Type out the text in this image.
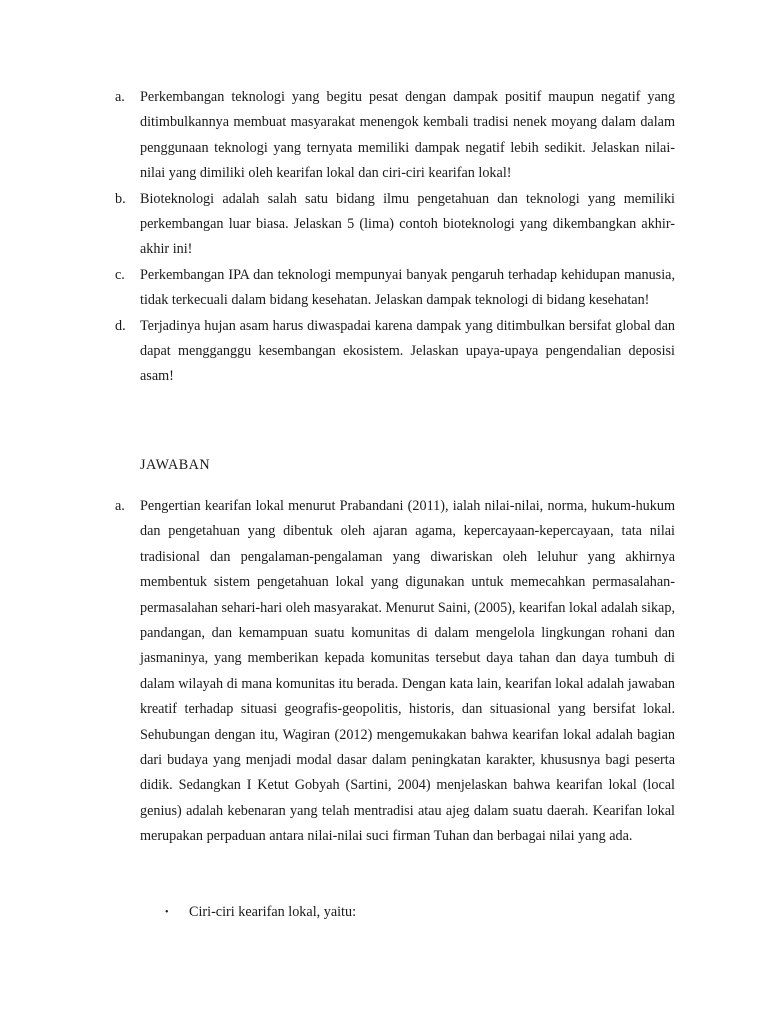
a.	Perkembangan teknologi yang begitu pesat dengan dampak positif maupun negatif yang ditimbulkannya membuat masyarakat menengok kembali tradisi nenek moyang dalam dalam penggunaan teknologi yang ternyata memiliki dampak negatif lebih sedikit. Jelaskan nilai-nilai yang dimiliki oleh kearifan lokal dan ciri-ciri kearifan lokal!
b.	Bioteknologi adalah salah satu bidang ilmu pengetahuan dan teknologi yang memiliki perkembangan luar biasa. Jelaskan 5 (lima) contoh bioteknologi yang dikembangkan akhir-akhir ini!
c.	Perkembangan IPA dan teknologi mempunyai banyak pengaruh terhadap kehidupan manusia, tidak terkecuali dalam bidang kesehatan. Jelaskan dampak teknologi di bidang kesehatan!
d.	Terjadinya hujan asam harus diwaspadai karena dampak yang ditimbulkan bersifat global dan dapat mengganggu kesembangan ekosistem. Jelaskan upaya-upaya pengendalian deposisi asam!
JAWABAN
a.	Pengertian kearifan lokal menurut Prabandani (2011), ialah nilai-nilai, norma, hukum-hukum dan pengetahuan yang dibentuk oleh ajaran agama, kepercayaan-kepercayaan, tata nilai tradisional dan pengalaman-pengalaman yang diwariskan oleh leluhur yang akhirnya membentuk sistem pengetahuan lokal yang digunakan untuk memecahkan permasalahan-permasalahan sehari-hari oleh masyarakat. Menurut Saini, (2005), kearifan lokal adalah sikap, pandangan, dan kemampuan suatu komunitas di dalam mengelola lingkungan rohani dan jasmaninya, yang memberikan kepada komunitas tersebut daya tahan dan daya tumbuh di dalam wilayah di mana komunitas itu berada. Dengan kata lain, kearifan lokal adalah jawaban kreatif terhadap situasi geografis-geopolitis, historis, dan situasional yang bersifat lokal. Sehubungan dengan itu, Wagiran (2012) mengemukakan bahwa kearifan lokal adalah bagian dari budaya yang menjadi modal dasar dalam peningkatan karakter, khususnya bagi peserta didik. Sedangkan I Ketut Gobyah (Sartini, 2004) menjelaskan bahwa kearifan lokal (local genius) adalah kebenaran yang telah mentradisi atau ajeg dalam suatu daerah. Kearifan lokal merupakan perpaduan antara nilai-nilai suci firman Tuhan dan berbagai nilai yang ada.
•	Ciri-ciri kearifan lokal, yaitu:
